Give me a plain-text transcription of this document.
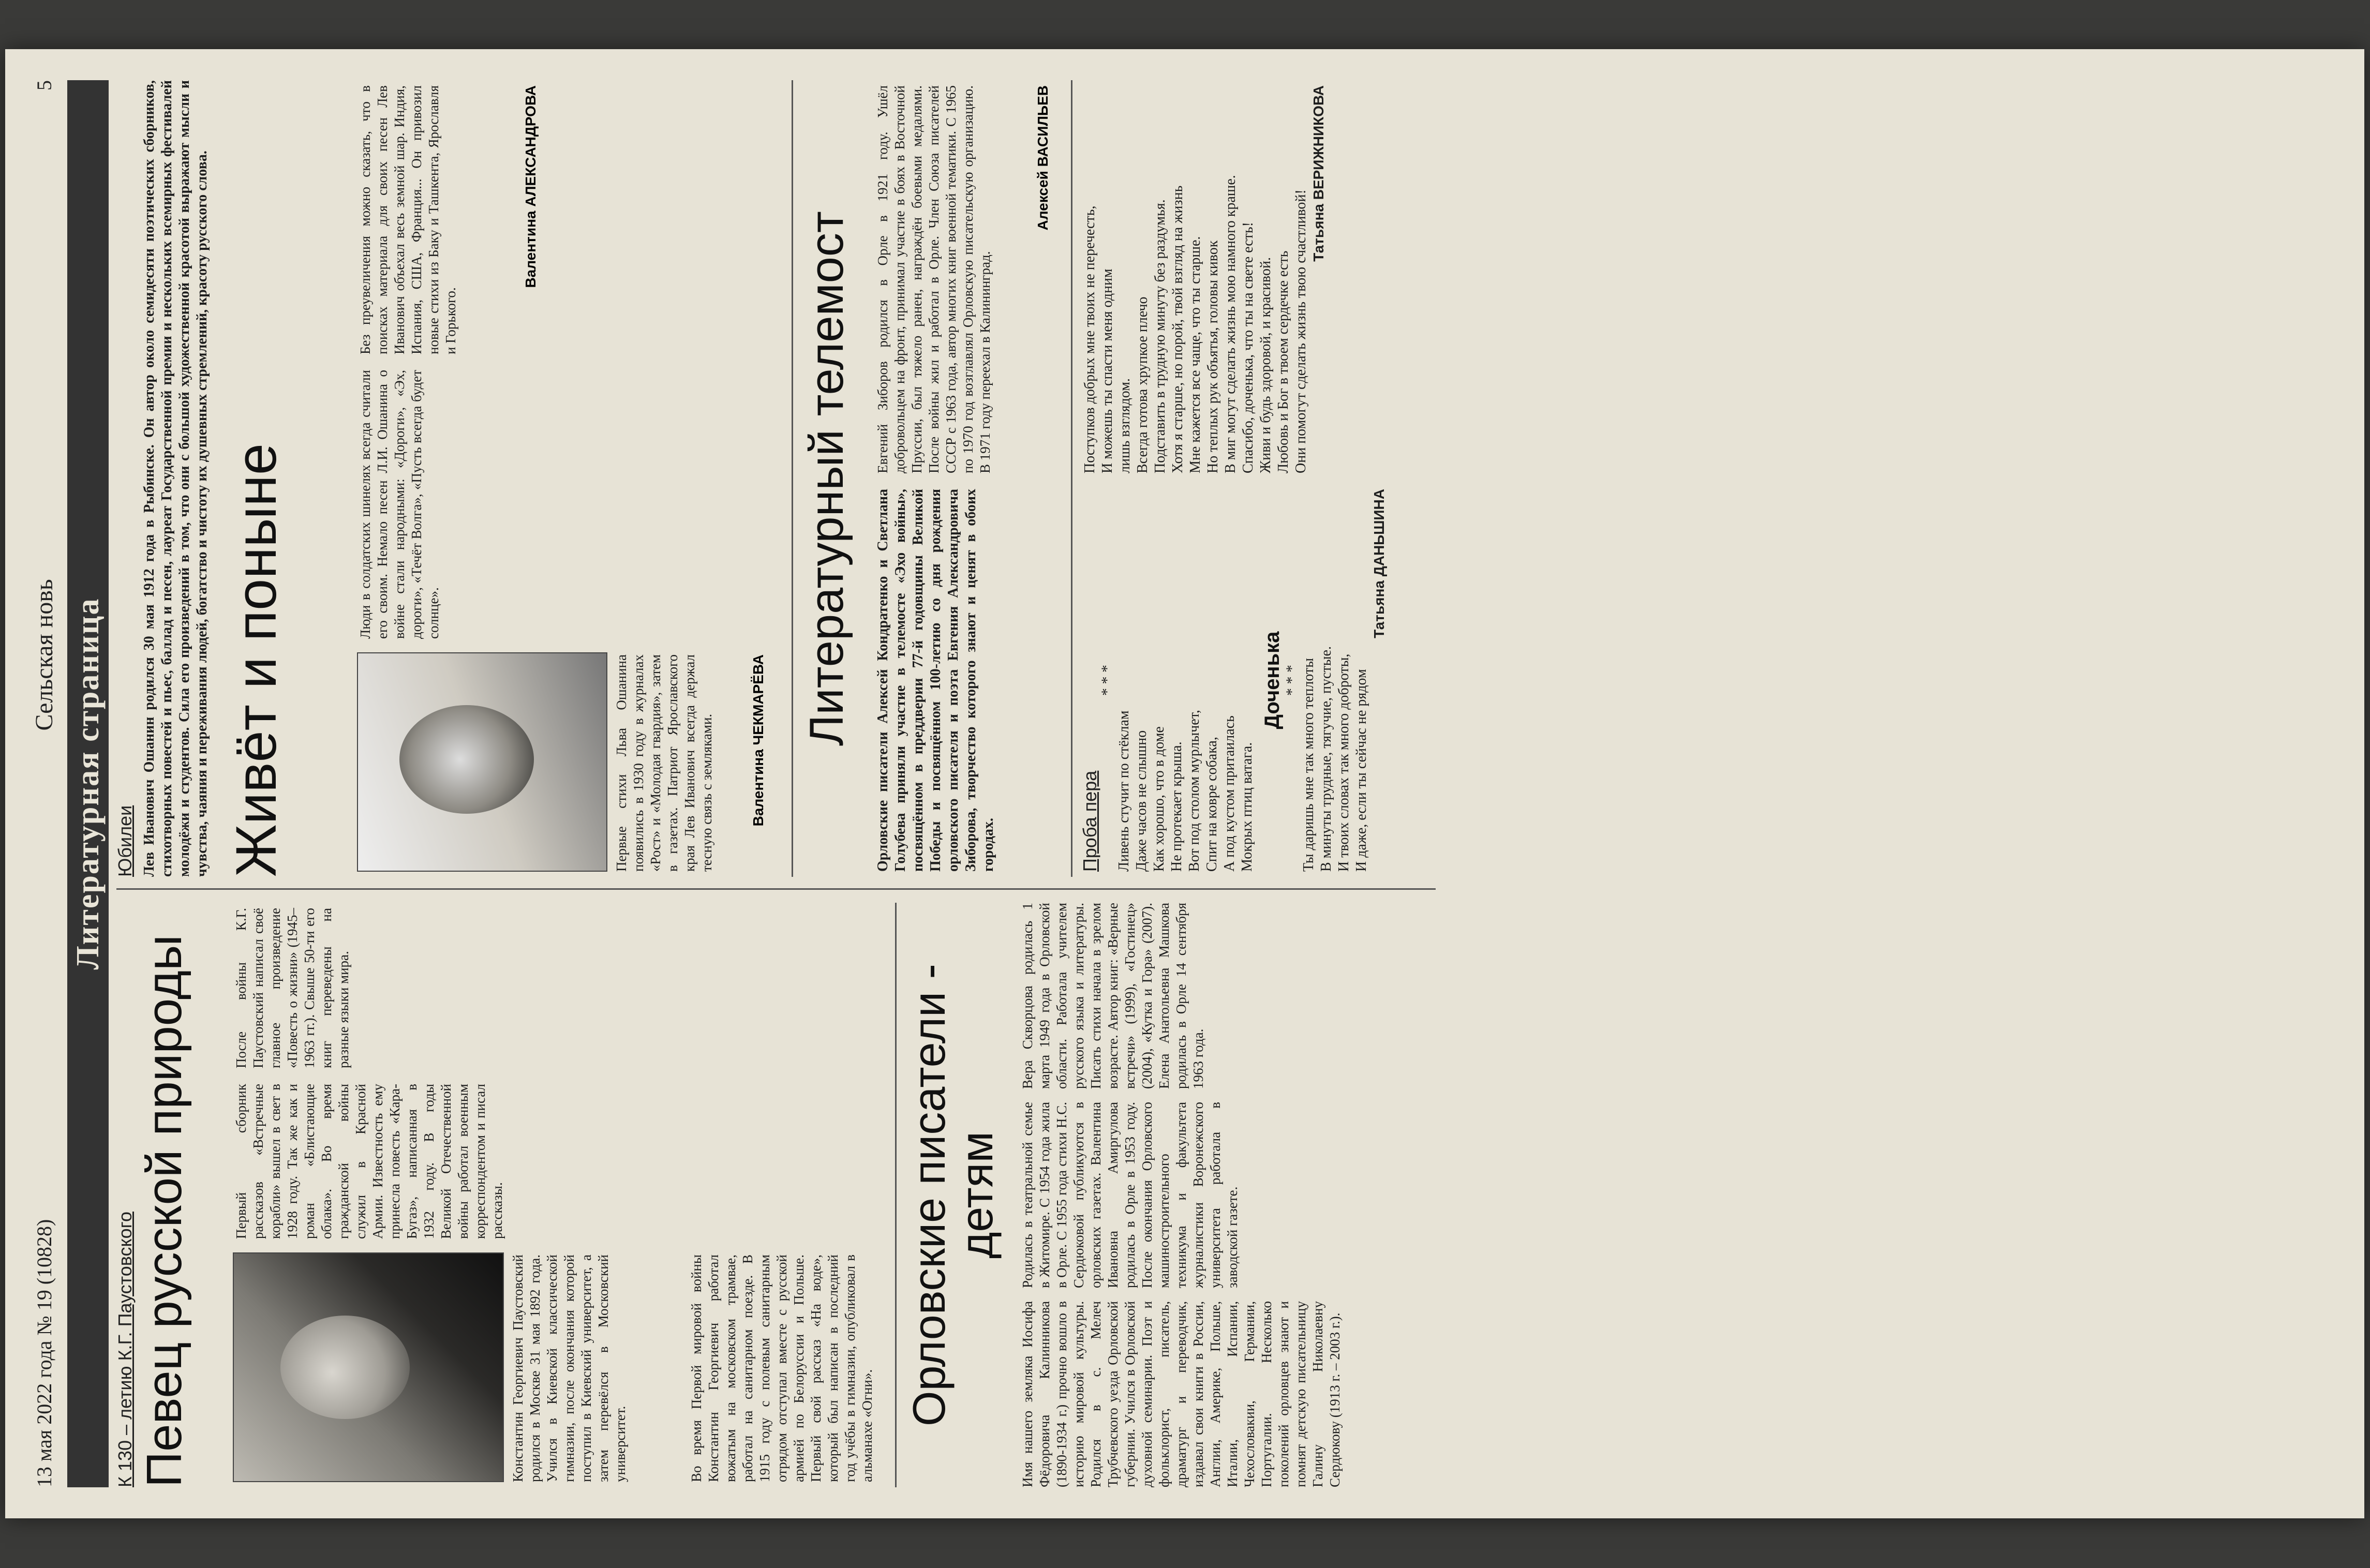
13 мая 2022 года № 19 (10828)
Сельская новь
5
Литературная страница
К 130 – летию К.Г. Паустовского Певец русской природы	Константин Георгиевич Паустовский родился в Москве 31 мая 1892 года. Учился в Киевской классической гимназии, после окончания которой поступил в Киевский университет, а затем перевёлся в Московский университет.	Во время Первой мировой войны Константин Георгиевич работал вожатым на московском трамвае, работал на санитарном поезде. В 1915 году с полевым санитарным отрядом отступал вместе с русской армией по Белоруссии и Польше. Первый свой рассказ «На воде», который был написан в последний год учёбы в гимназии, опубликовал в альманахе «Огни».
Первый сборник рассказов «Встречные корабли» вышел в свет в 1928 году. Так же как и роман «Блистающие облака». Во время гражданской войны служил в Красной Армии. Известность ему принесла повесть «Кара-Бугаз», написанная в 1932 году. В годы Великой Отечественной войны работал военным корреспондентом и писал рассказы.
После войны К.Г. Паустовский написал своё главное произведение «Повесть о жизни» (1945–1963 гг.). Свыше 50-ти его книг переведены на разные языки мира.	Орловские писатели - детям
Имя нашего земляка Иосифа Фёдоровича Калинникова (1890-1934 г.) прочно вошло в историю мировой культуры. Родился в с. Мелеч Трубчевского уезда Орловской губернии. Учился в Орловской духовной семинарии. Поэт и фольклорист, писатель, драматург и переводчик, издавал свои книги в России, Англии, Америке, Польше, Италии, Испании, Чехословакии, Германии, Португалии. Несколько поколений орловцев знают и помнят детскую писательницу Галину Николаевну Сердюкову (1913 г. – 2003 г.).
Родилась в театральной семье в Житомире. С 1954 года жила в Орле. С 1955 года стихи Н.С. Сердюковой публикуются в орловских газетах. Валентина Ивановна Амиргулова родилась в Орле в 1953 году. После окончания Орловского машиностроительного техникума и факультета журналистики Воронежского университета работала в заводской газете.
Вера Скворцова родилась 1 марта 1949 года в Орловской области. Работала учителем русского языка и литературы. Писать стихи начала в зрелом возрасте. Автор книг: «Верные встречи» (1999), «Гостинец» (2004), «Кутка и Гора» (2007). Елена Анатольевна Машкова родилась в Орле 14 сентября 1963 года.
Юбилеи Лев Иванович Ошанин родился 30 мая 1912 года в Рыбинске. Он автор около семидесяти поэтических сборников, стихотворных повестей и пьес, баллад и песен, лауреат Государственной премии и нескольких всемирных фестивалей молодёжи и студентов. Сила его произведений в том, что они с большой художественной красотой выражают мысли и чувства, чаяния и переживания людей, богатство и чистоту их душевных стремлений, красоту русского слова. Живёт и поныне	Первые стихи Льва Ошанина появились в 1930 году в журналах «Рост» и «Молодая гвардия», затем в газетах. Патриот Ярославского края Лев Иванович всегда держал тесную связь с земляками. Валентина ЧЕКМАРЁВА
Люди в солдатских шинелях всегда считали его своим. Немало песен Л.И. Ошанина о войне стали народными: «Дороги», «Эх, дороги», «Течёт Волга», «Пусть всегда будет солнце».
Без преувеличения можно сказать, что в поисках материала для своих песен Лев Иванович объехал весь земной шар. Индия, Испания, США, Франция... Он привозил новые стихи из Баку и Ташкента, Ярославля и Горького.
Валентина АЛЕКСАНДРОВА
Литературный телемост Орловские писатели Алексей Кондратенко и Светлана Голубева приняли участие в телемосте «Эхо войны», посвящённом в преддверии 77-й годовщины Великой Победы и посвящённом 100-летию со дня рождения орловского писателя и поэта Евгения Александровича Зиборова, творчество которого знают и ценят в обоих городах.
Евгений Зиборов родился в Орле в 1921 году. Ушёл добровольцем на фронт, принимал участие в боях в Восточной Пруссии, был тяжело ранен, награждён боевыми медалями. После войны жил и работал в Орле. Член Союза писателей СССР с 1963 года, автор многих книг военной тематики. С 1965 по 1970 год возглавлял Орловскую писательскую организацию. В 1971 году переехал в Калининград.
Алексей ВАСИЛЬЕВ
Проба пера
* * *
Ливень стучит по стёклам Даже часов не слышно Как хорошо, что в доме Не протекает крыша. Вот под столом мурлычет, Спит на ковре собака, А под кустом притаилась Мокрых птиц ватага.
Доченька * * * Ты даришь мне так много теплоты В минуты трудные, тягучие, пустые. И твоих словах так много доброты, И даже, если ты сейчас не рядом
Татьяна ДАНЬШИНА
Поступков добрых мне твоих не перечесть, И можешь ты спасти меня одним лишь взглядом. Всегда готова хрупкое плечо Подставить в трудную минуту без раздумья. Хотя я старше, но порой, твой взгляд на жизнь Мне кажется все чаще, что ты старше. Но теплых рук объятья, головы кивок В миг могут сделать жизнь мою намного краше. Спасибо, доченька, что ты на свете есть! Живи и будь здоровой, и красивой. Любовь и Бог в твоем сердечке есть Они помогут сделать жизнь твою счастливой!
Татьяна ВЕРИЖНИКОВА
